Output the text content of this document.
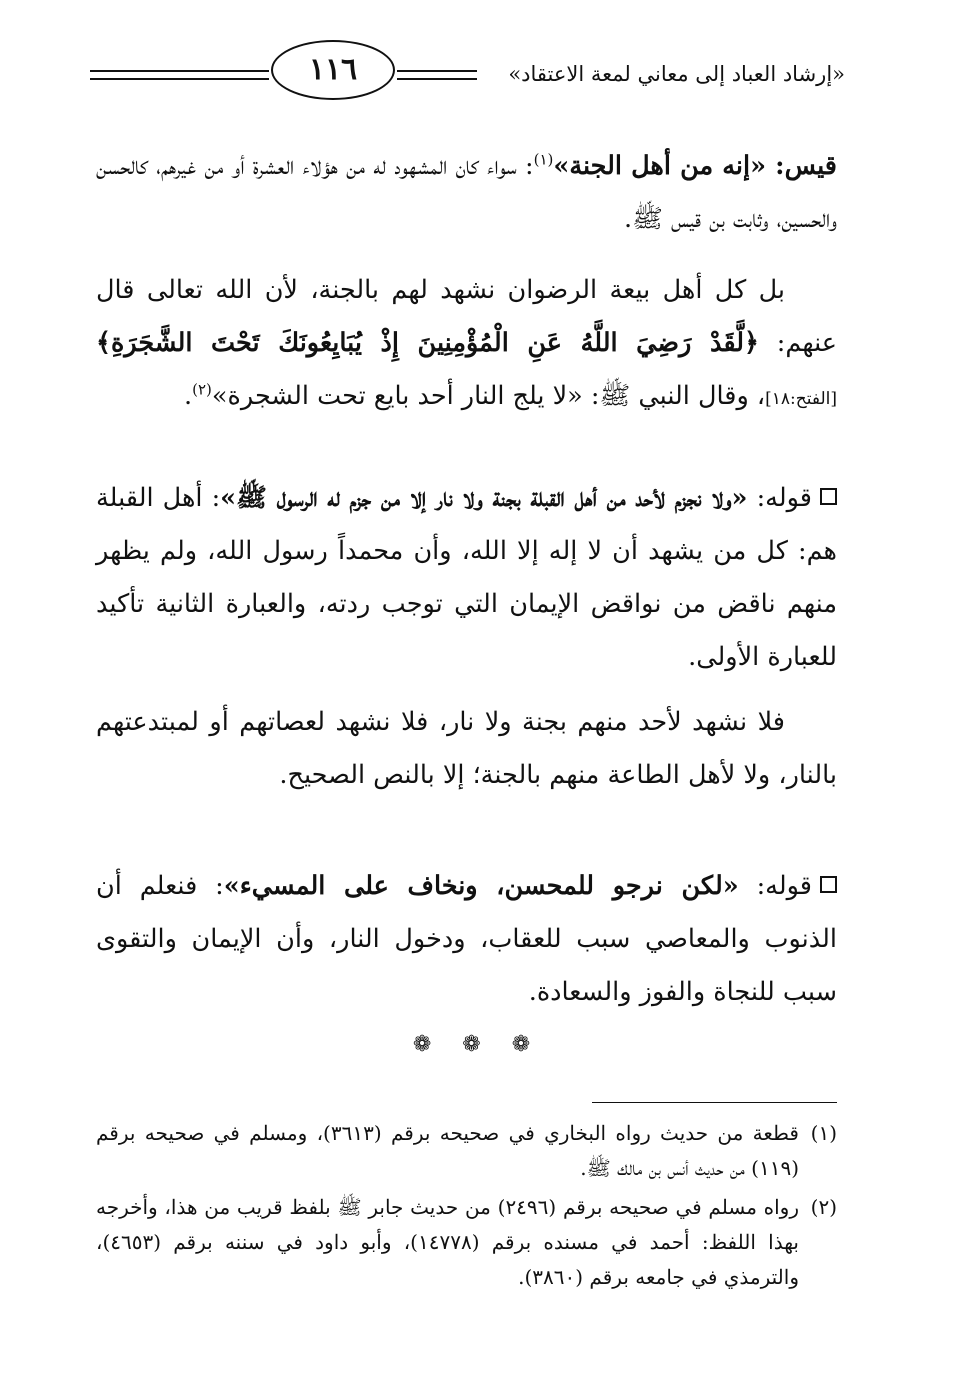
١١٦	«إرشاد العباد إلى معاني لمعة الاعتقاد»

قيس: «إنه من أهل الجنة»$^{(١)}$: سواء كان المشهود له من هؤلاء العشرة أو من غيرهم، كالحسن والحسين، وثابت بن قيس ﷺ.

بل كل أهل بيعة الرضوان نشهد لهم بالجنة، لأن الله تعالى قال عنهم: ﴿لَّقَدْ رَضِيَ اللَّهُ عَنِ الْمُؤْمِنِينَ إِذْ يُبَايِعُونَكَ تَحْتَ الشَّجَرَةِ﴾ [الفتح:١٨]، وقال النبي ﷺ: «لا يلج النار أحد بايع تحت الشجرة»$^{(٢)}$.

قوله: «ولا نجزم لأحد من أهل القبلة بجنة ولا نار إلا من جزم له الرسول ﷺ»: أهل القبلة هم: كل من يشهد أن لا إله إلا الله، وأن محمداً رسول الله، ولم يظهر منهم ناقض من نواقض الإيمان التي توجب ردته، والعبارة الثانية تأكيد للعبارة الأولى.

فلا نشهد لأحد منهم بجنة ولا نار، فلا نشهد لعصاتهم أو لمبتدعتهم بالنار، ولا لأهل الطاعة منهم بالجنة؛ إلا بالنص الصحيح.

قوله: «لكن نرجو للمحسن، ونخاف على المسيء»: فنعلم أن الذنوب والمعاصي سبب للعقاب، ودخول النار، وأن الإيمان والتقوى سبب للنجاة والفوز والسعادة.

❁ ❁ ❁

(١)
قطعة من حديث رواه البخاري في صحيحه برقم (٣٦١٣)، ومسلم في صحيحه برقم (١١٩) من حديث أنس بن مالك ﷺ.

(٢)
رواه مسلم في صحيحه برقم (٢٤٩٦) من حديث جابر ﷺ بلفظ قريب من هذا، وأخرجه بهذا اللفظ: أحمد في مسنده برقم (١٤٧٧٨)، وأبو داود في سننه برقم (٤٦٥٣)، والترمذي في جامعه برقم (٣٨٦٠).
